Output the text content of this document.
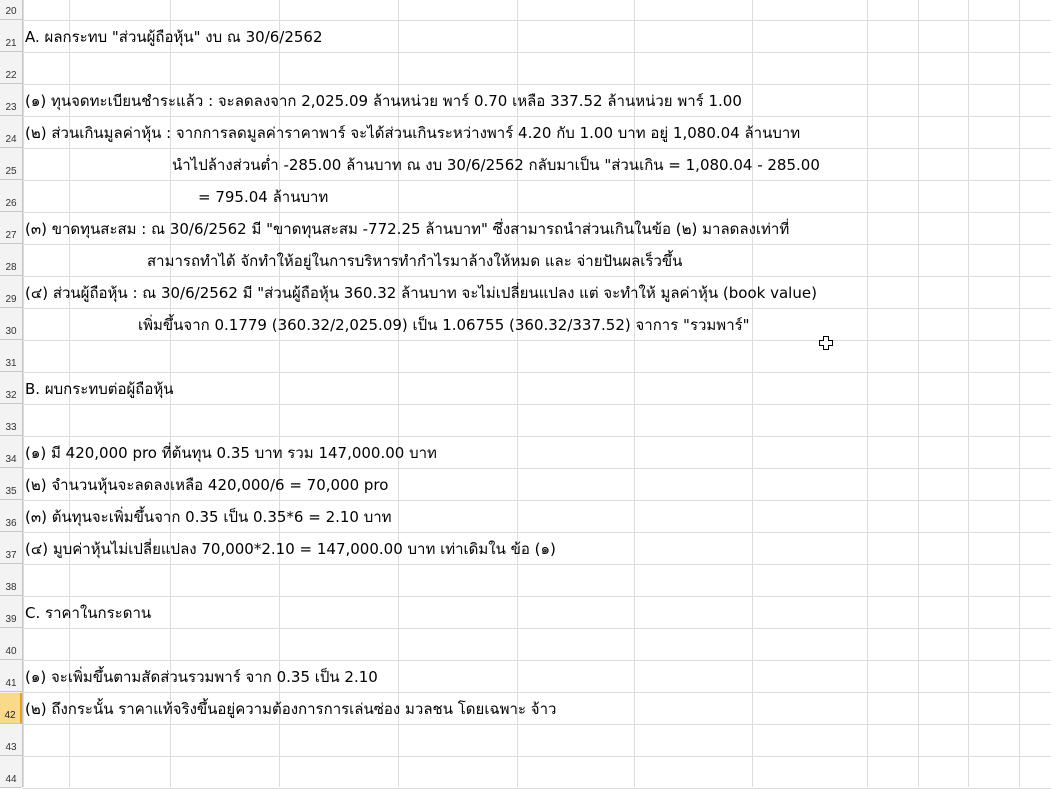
20
21 A. ผลกระทบ "ส่วนผู้ถือหุ้น" งบ ณ 30/6/2562
22
23 (๑) ทุนจดทะเบียนชำระแล้ว : จะลดลงจาก 2,025.09 ล้านหน่วย พาร์ 0.70 เหลือ 337.52 ล้านหน่วย พาร์ 1.00
24 (๒) ส่วนเกินมูลค่าหุ้น : จากการลดมูลค่าราคาพาร์ จะได้ส่วนเกินระหว่างพาร์ 4.20 กับ 1.00 บาท อยู่ 1,080.04 ล้านบาท
25	นำไปล้างส่วนต่ำ -285.00 ล้านบาท ณ งบ 30/6/2562 กลับมาเป็น "ส่วนเกิน = 1,080.04 - 285.00
26	= 795.04 ล้านบาท
27 (๓) ขาดทุนสะสม : ณ 30/6/2562 มี "ขาดทุนสะสม -772.25 ล้านบาท" ซึ่งสามารถนำส่วนเกินในข้อ (๒) มาลดลงเท่าที่
28	สามารถทำได้ จักทำให้อยู่ในการบริหารทำกำไรมาล้างให้หมด และ จ่ายปันผลเร็วขึ้น
29 (๔) ส่วนผู้ถือหุ้น : ณ 30/6/2562 มี "ส่วนผู้ถือหุ้น 360.32 ล้านบาท จะไม่เปลี่ยนแปลง แต่ จะทำให้ มูลค่าหุ้น (book value)
30	เพิ่มขึ้นจาก 0.1779 (360.32/2,025.09) เป็น 1.06755 (360.32/337.52) จาการ "รวมพาร์"
31
32 B. ผบกระทบต่อผู้ถือหุ้น
33
34 (๑) มี 420,000 pro ที่ต้นทุน 0.35 บาท รวม 147,000.00 บาท
35 (๒) จำนวนหุ้นจะลดลงเหลือ 420,000/6 = 70,000 pro
36 (๓) ต้นทุนจะเพิ่มขึ้นจาก 0.35 เป็น 0.35*6 = 2.10 บาท
37 (๔) มูบค่าหุ้นไม่เปลี่ยแปลง 70,000*2.10 = 147,000.00 บาท เท่าเดิมใน ข้อ (๑)
38
39 C. ราคาในกระดาน
40
41 (๑) จะเพิ่มขึ้นตามสัดส่วนรวมพาร์ จาก 0.35 เป็น 2.10
42 (๒) ถึงกระนั้น ราคาแท้จริงขึ้นอยู่ความต้องการการเล่นซ่อง มวลชน โดยเฉพาะ จ้าว
43
44
